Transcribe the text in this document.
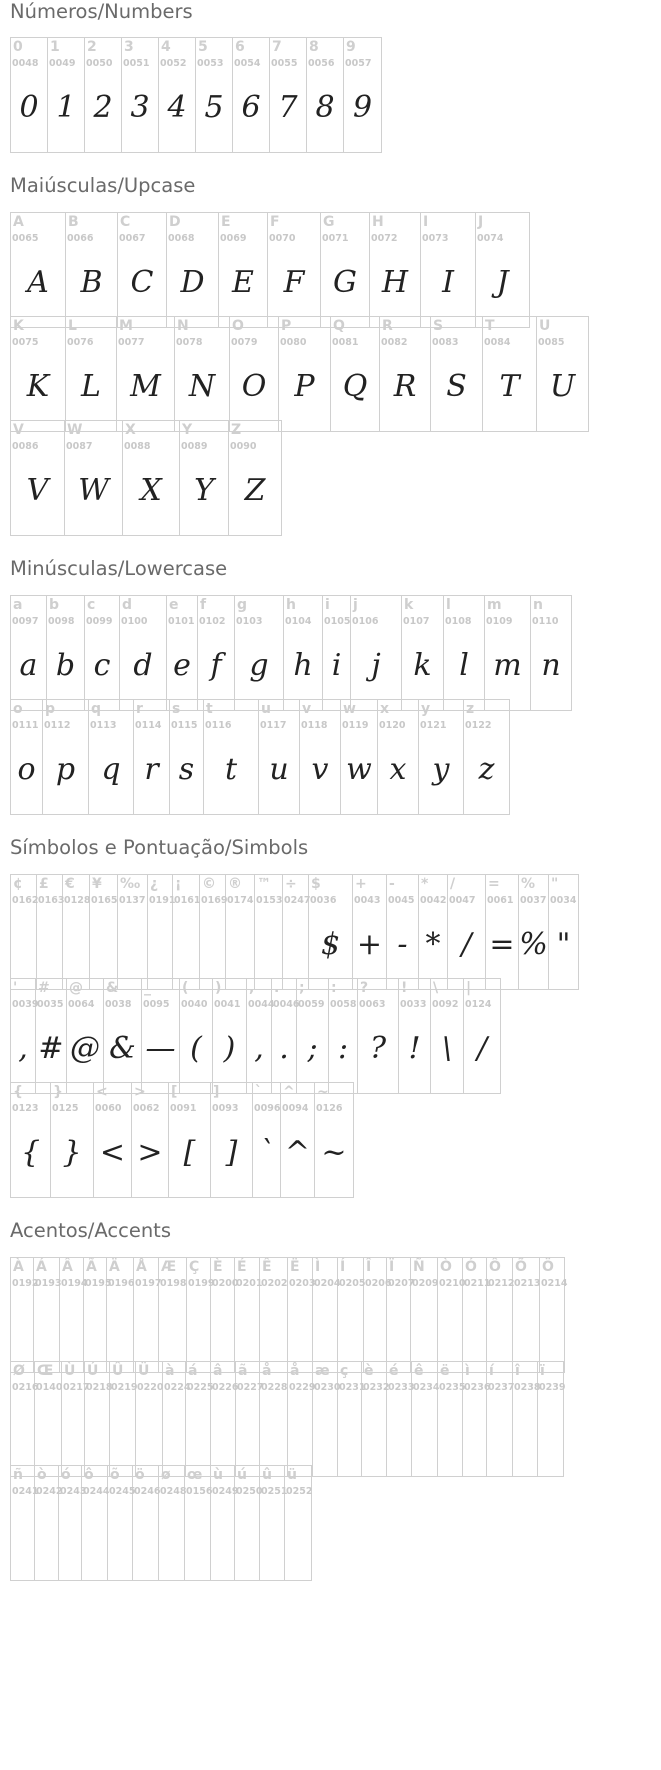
Números/Numbers
0
0048
0
1
0049
1
2
0050
2
3
0051
3
4
0052
4
5
0053
5
6
0054
6
7
0055
7
8
0056
8
9
0057
9
Maiúsculas/Upcase
A
0065
A
B
0066
B
C
0067
C
D
0068
D
E
0069
E
F
0070
F
G
0071
G
H
0072
H
I
0073
I
J
0074
J
K
0075
K
L
0076
L
M
0077
M
N
0078
N
O
0079
O
P
0080
P
Q
0081
Q
R
0082
R
S
0083
S
T
0084
T
U
0085
U
V
0086
V
W
0087
W
X
0088
X
Y
0089
Y
Z
0090
Z
Minúsculas/Lowercase
a
0097
a
b
0098
b
c
0099
c
d
0100
d
e
0101
e
f
0102
f
g
0103
g
h
0104
h
i
0105
i
j
0106
j
k
0107
k
l
0108
l
m
0109
m
n
0110
n
o
0111
o
p
0112
p
q
0113
q
r
0114
r
s
0115
s
t
0116
t
u
0117
u
v
0118
v
w
0119
w
x
0120
x
y
0121
y
z
0122
z
Símbolos e Pontuação/Simbols
¢
0162
£
0163
€
0128
¥
0165
‰
0137
¿
0191
¡
0161
©
0169
®
0174
™
0153
÷
0247
$
0036
$
+
0043
+
-
0045
-
*
0042
*
/
0047
/
=
0061
=
%
0037
%
"
0034
"
'
0039
,
#
0035
#
@
0064
@
&
0038
&
_
0095
—
(
0040
(
)
0041
)
,
0044
,
.
0046
.
;
0059
;
:
0058
:
?
0063
?
!
0033
!
\
0092
\
|
0124
/
{
0123
{
}
0125
}
<
0060
<
>
0062
>
[
0091
[
]
0093
]
`
0096
`
^
0094
^
~
0126
~
Acentos/Accents
À
0192
Á
0193
Â
0194
Ã
0195
Ä
0196
Å
0197
Æ
0198
Ç
0199
È
0200
É
0201
Ê
0202
Ë
0203
Ì
0204
Í
0205
Î
0206
Ï
0207
Ñ
0209
Ò
0210
Ó
0211
Ô
0212
Õ
0213
Ö
0214
Ø
0216
Œ
0140
Ù
0217
Ú
0218
Û
0219
Ü
0220
à
0224
á
0225
â
0226
ã
0227
å
0228
å
0229
æ
0230
ç
0231
è
0232
é
0233
ê
0234
ë
0235
ì
0236
í
0237
î
0238
ï
0239
ñ
0241
ò
0242
ó
0243
ô
0244
õ
0245
ö
0246
ø
0248
œ
0156
ù
0249
ú
0250
û
0251
ü
0252
